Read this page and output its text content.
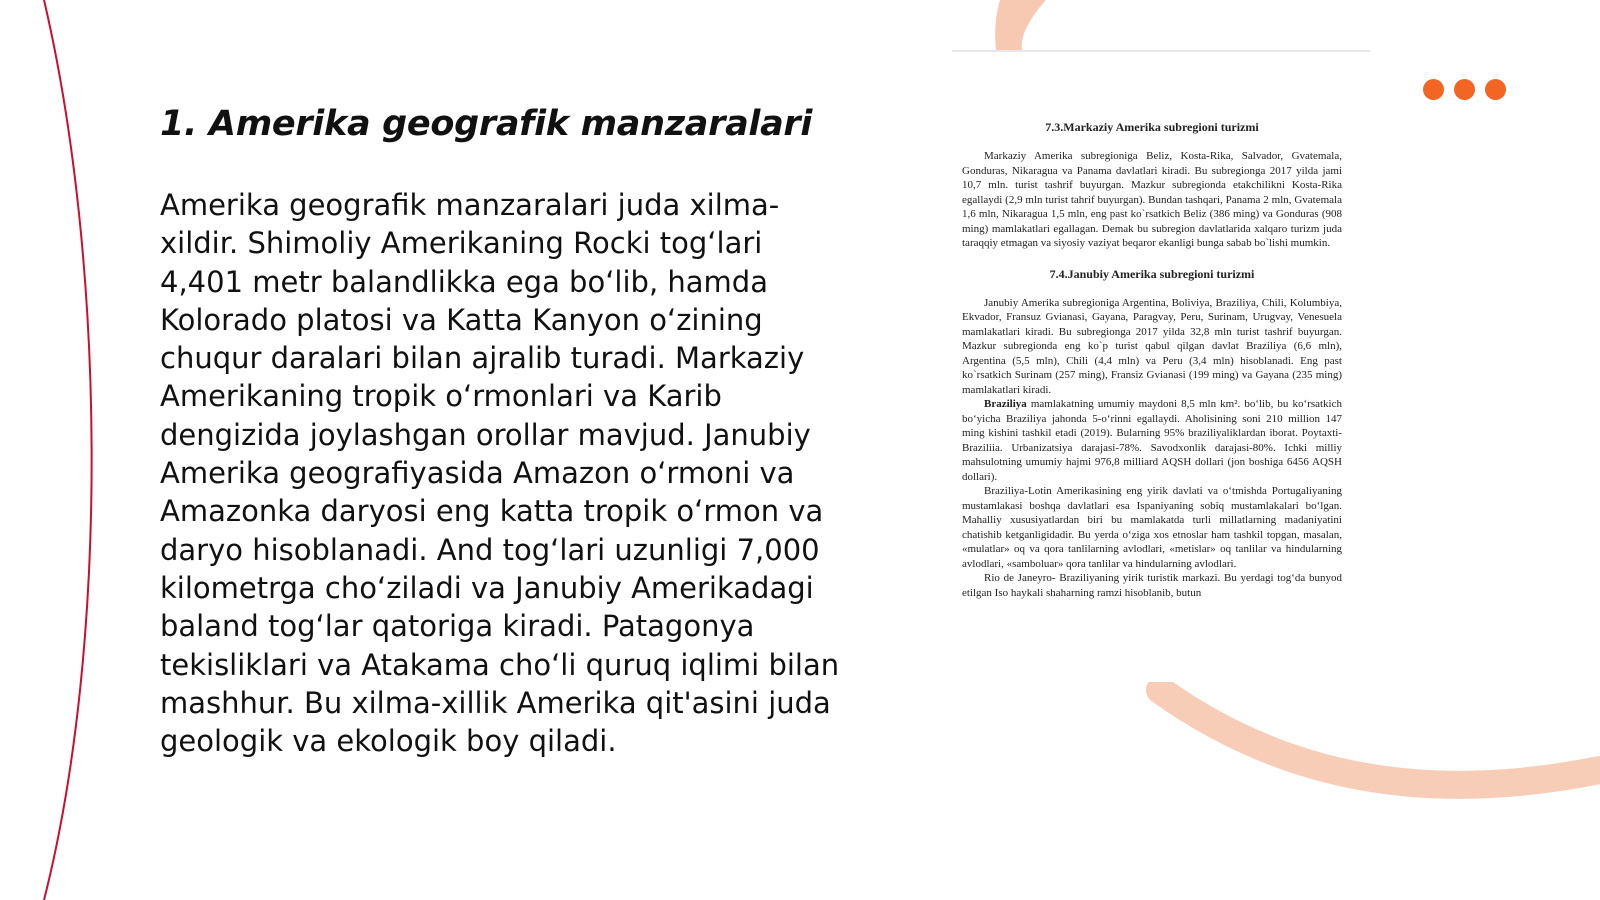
1. Amerika geografik manzaralari

Amerika geografik manzaralari juda xilma-xildir. Shimoliy Amerikaning Rocki tog‘lari 4,401 metr balandlikka ega bo‘lib, hamda Kolorado platosi va Katta Kanyon o‘zining chuqur daralari bilan ajralib turadi. Markaziy Amerikaning tropik o‘rmonlari va Karib dengizida joylashgan orollar mavjud. Janubiy Amerika geografiyasida Amazon o‘rmoni va Amazonka daryosi eng katta tropik o‘rmon va daryo hisoblanadi. And tog‘lari uzunligi 7,000 kilometrga cho‘ziladi va Janubiy Amerikadagi baland tog‘lar qatoriga kiradi. Patagonya tekisliklari va Atakama cho‘li quruq iqlimi bilan mashhur. Bu xilma-xillik Amerika qit'asini juda geologik va ekologik boy qiladi.

7.3.Markaziy Amerika subregioni turizmi

Markaziy Amerika subregioniga Beliz, Kosta-Rika, Salvador, Gvatemala, Gonduras, Nikaragua va Panama davlatlari kiradi. Bu subregionga 2017 yilda jami 10,7 mln. turist tashrif buyurgan. Mazkur subregionda etakchilikni Kosta-Rika egallaydi (2,9 mln turist tahrif buyurgan). Bundan tashqari, Panama 2 mln, Gvatemala 1,6 mln, Nikaragua 1,5 mln, eng past ko`rsatkich Beliz (386 ming) va Gonduras (908 ming) mamlakatlari egallagan. Demak bu subregion davlatlarida xalqaro turizm juda taraqqiy etmagan va siyosiy vaziyat beqaror ekanligi bunga sabab bo`lishi mumkin.

7.4.Janubiy Amerika subregioni turizmi

Janubiy Amerika subregioniga Argentina, Boliviya, Braziliya, Chili, Kolumbiya, Ekvador, Fransuz Gvianasi, Gayana, Paragvay, Peru, Surinam, Urugvay, Venesuela mamlakatlari kiradi. Bu subregionga 2017 yilda 32,8 mln turist tashrif buyurgan. Mazkur subregionda eng ko`p turist qabul qilgan davlat Braziliya (6,6 mln), Argentina (5,5 mln), Chili (4,4 mln) va Peru (3,4 mln) hisoblanadi. Eng past ko`rsatkich Surinam (257 ming), Fransiz Gvianasi (199 ming) va Gayana (235 ming) mamlakatlari kiradi.

Braziliya mamlakatning umumiy maydoni 8,5 mln km². bo‘lib, bu ko‘rsatkich bo‘yicha Braziliya jahonda 5-o‘rinni egallaydi. Aholisining soni 210 million 147 ming kishini tashkil etadi (2019). Bularning 95% braziliyaliklardan iborat. Poytaxti- Braziliia. Urbanizatsiya darajasi-78%. Savodxonlik darajasi-80%. Ichki milliy mahsulotning umumiy hajmi 976,8 milliard AQSH dollari (jon boshiga 6456 AQSH dollari).

Braziliya-Lotin Amerikasining eng yirik davlati va o‘tmishda Portugaliyaning mustamlakasi boshqa davlatlari esa Ispaniyaning sobiq mustamlakalari bo‘lgan. Mahalliy xususiyatlardan biri bu mamlakatda turli millatlarning madaniyatini chatishib ketganligidadir. Bu yerda o‘ziga xos etnoslar ham tashkil topgan, masalan, «mulatlar» oq va qora tanlilarning avlodlari, «metislar» oq tanlilar va hindularning avlodlari, «samboluar» qora tanlilar va hindularning avlodlari.

Rio de Janeyro- Braziliyaning yirik turistik markazi. Bu yerdagi tog‘da bunyod etilgan Iso haykali shaharning ramzi hisoblanib, butun
